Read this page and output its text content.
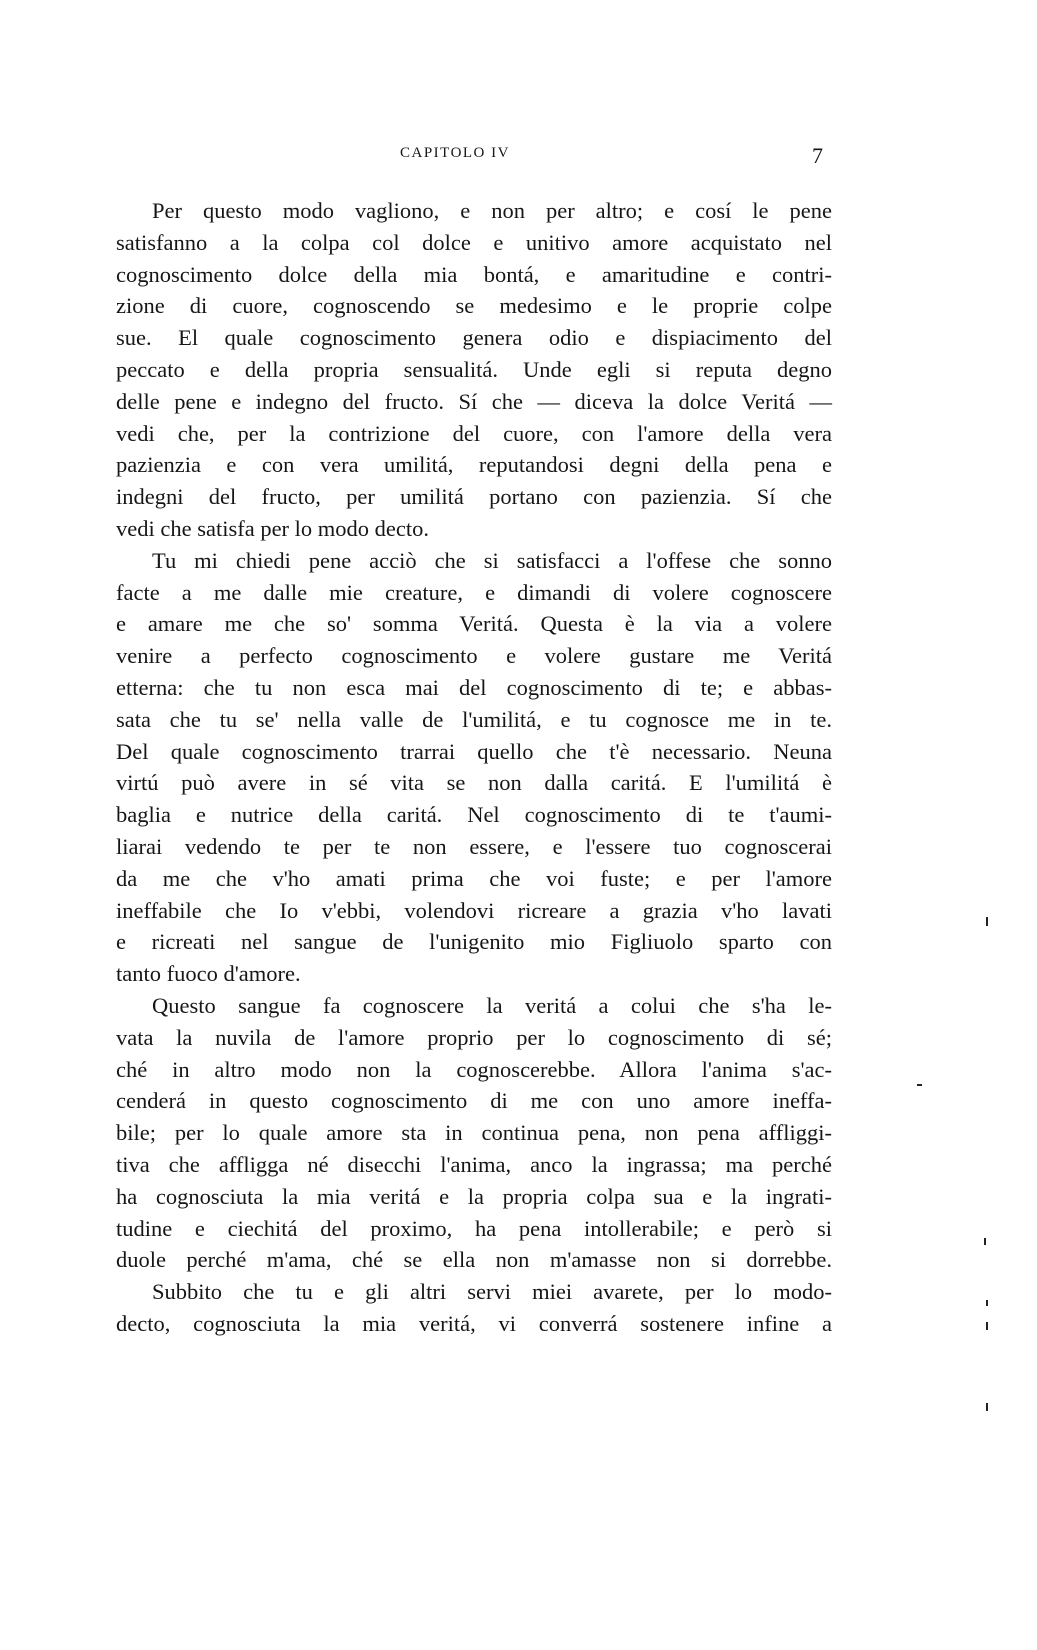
CAPITOLO IV	7
Per questo modo vagliono, e non per altro; e cosí le pene
satisfanno a la colpa col dolce e unitivo amore acquistato nel
cognoscimento dolce della mia bontá, e amaritudine e contri-
zione di cuore, cognoscendo se medesimo e le proprie colpe
sue. El quale cognoscimento genera odio e dispiacimento del
peccato e della propria sensualitá. Unde egli si reputa degno
delle pene e indegno del fructo. Sí che — diceva la dolce Veritá —
vedi che, per la contrizione del cuore, con l'amore della vera
pazienzia e con vera umilitá, reputandosi degni della pena e
indegni del fructo, per umilitá portano con pazienzia. Sí che
vedi che satisfa per lo modo decto.
Tu mi chiedi pene acciò che si satisfacci a l'offese che sonno
facte a me dalle mie creature, e dimandi di volere cognoscere
e amare me che so' somma Veritá. Questa è la via a volere
venire a perfecto cognoscimento e volere gustare me Veritá
etterna: che tu non esca mai del cognoscimento di te; e abbas-
sata che tu se' nella valle de l'umilitá, e tu cognosce me in te.
Del quale cognoscimento trarrai quello che t'è necessario. Neuna
virtú può avere in sé vita se non dalla caritá. E l'umilitá è
baglia e nutrice della caritá. Nel cognoscimento di te t'aumi-
liarai vedendo te per te non essere, e l'essere tuo cognoscerai
da me che v'ho amati prima che voi fuste; e per l'amore
ineffabile che Io v'ebbi, volendovi ricreare a grazia v'ho lavati
e ricreati nel sangue de l'unigenito mio Figliuolo sparto con
tanto fuoco d'amore.
Questo sangue fa cognoscere la veritá a colui che s'ha le-
vata la nuvila de l'amore proprio per lo cognoscimento di sé;
ché in altro modo non la cognoscerebbe. Allora l'anima s'ac-
cenderá in questo cognoscimento di me con uno amore ineffa-
bile; per lo quale amore sta in continua pena, non pena affliggi-
tiva che affligga né disecchi l'anima, anco la ingrassa; ma perché
ha cognosciuta la mia veritá e la propria colpa sua e la ingrati-
tudine e ciechitá del proximo, ha pena intollerabile; e però si
duole perché m'ama, ché se ella non m'amasse non si dorrebbe.
Subbito che tu e gli altri servi miei avarete, per lo modo-
decto, cognosciuta la mia veritá, vi converrá sostenere infine a
